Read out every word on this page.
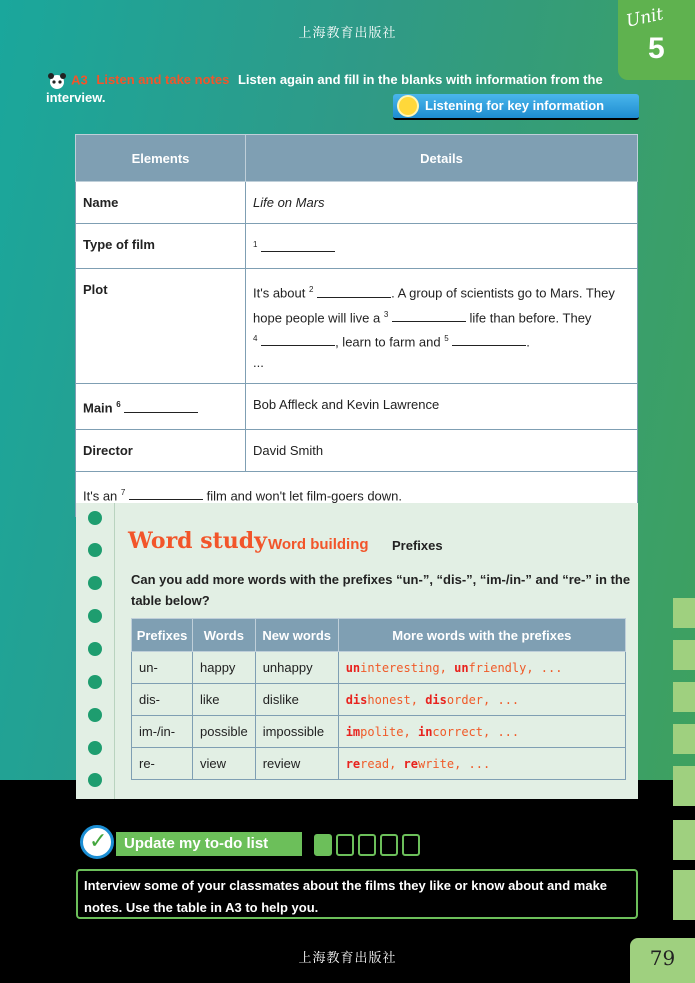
上海教育出版社
Unit
5
A3 Listen and take notes Listen again and fill in the blanks with information from the interview.
Listening for key information
Elements	Details
Name	Life on Mars
Type of film	$^1$
Plot	It's about $^2$ . A group of scientists go to Mars. They hope people will live a $^3$ life than before. They
$^4$ , learn to farm and $^5$ .
...
Main $^6$	Bob Affleck and Kevin Lawrence
Director	David Smith
It's an $^7$ film and won't let film-goers down.	
Word study Word building Prefixes
Can you add more words with the prefixes “un-”, “dis-”, “im-/in-” and “re-” in the table below?
Prefixes	Words	New words	More words with the prefixes
un-	happy	unhappy	uninteresting, unfriendly, ...
dis-	like	dislike	dishonest, disorder, ...
im-/in-	possible	impossible	impolite, incorrect, ...
re-	view	review	reread, rewrite, ...
✓	Update my to-do list
Interview some of your classmates about the films they like or know about and make notes. Use the table in A3 to help you.
上海教育出版社	79
